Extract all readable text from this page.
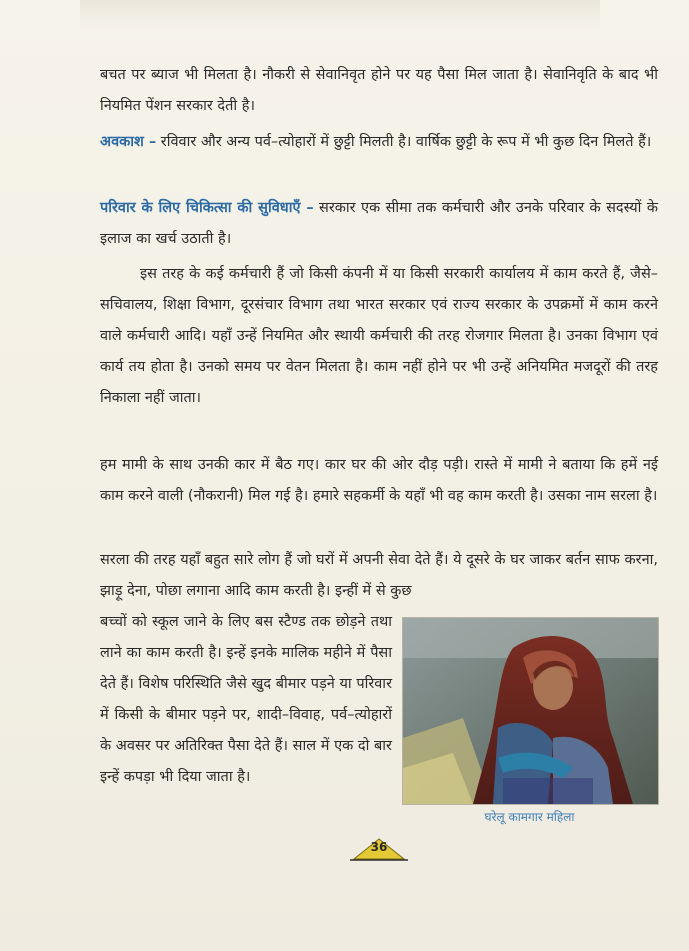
बचत पर ब्याज भी मिलता है। नौकरी से सेवानिवृत होने पर यह पैसा मिल जाता है। सेवानिवृति के बाद भी नियमित पेंशन सरकार देती है।

अवकाश – रविवार और अन्य पर्व–त्योहारों में छुट्टी मिलती है। वार्षिक छुट्टी के रूप में भी कुछ दिन मिलते हैं।

परिवार के लिए चिकित्सा की सुविधाएँ – सरकार एक सीमा तक कर्मचारी और उनके परिवार के सदस्यों के इलाज का खर्च उठाती है।

इस तरह के कई कर्मचारी हैं जो किसी कंपनी में या किसी सरकारी कार्यालय में काम करते हैं, जैसे–सचिवालय, शिक्षा विभाग, दूरसंचार विभाग तथा भारत सरकार एवं राज्य सरकार के उपक्रमों में काम करने वाले कर्मचारी आदि। यहाँ उन्हें नियमित और स्थायी कर्मचारी की तरह रोजगार मिलता है। उनका विभाग एवं कार्य तय होता है। उनको समय पर वेतन मिलता है। काम नहीं होने पर भी उन्हें अनियमित मजदूरों की तरह निकाला नहीं जाता।

हम मामी के साथ उनकी कार में बैठ गए। कार घर की ओर दौड़ पड़ी। रास्ते में मामी ने बताया कि हमें नई काम करने वाली (नौकरानी) मिल गई है। हमारे सहकर्मी के यहाँ भी वह काम करती है। उसका नाम सरला है।

सरला की तरह यहाँ बहुत सारे लोग हैं जो घरों में अपनी सेवा देते हैं। ये दूसरे के घर जाकर बर्तन साफ करना, झाड़ू देना, पोछा लगाना आदि काम करती है। इन्हीं में से कुछ

बच्चों को स्कूल जाने के लिए बस स्टैण्ड तक छोड़ने तथा लाने का काम करती है। इन्हें इनके मालिक महीने में पैसा देते हैं। विशेष परिस्थिति जैसे खुद बीमार पड़ने या परिवार में किसी के बीमार पड़ने पर, शादी–विवाह, पर्व–त्योहारों के अवसर पर अतिरिक्त पैसा देते हैं। साल में एक दो बार इन्हें कपड़ा भी दिया जाता है।

घरेलू कामगार महिला
36
